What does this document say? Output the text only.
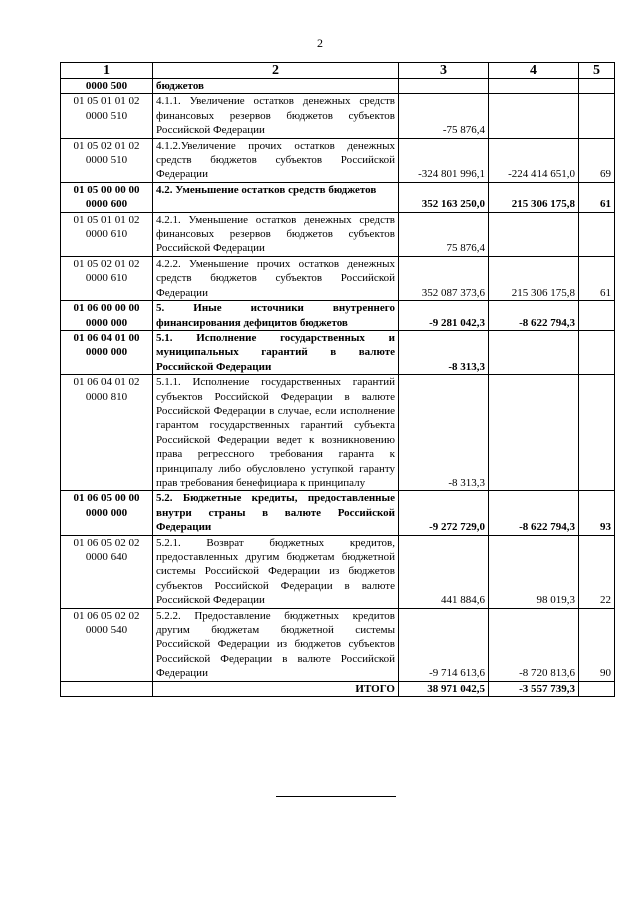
2
1	2	3	4	5
0000 500	бюджетов			
01 05 01 01 02 0000 510	4.1.1. Увеличение остатков денежных средств финансовых резервов бюджетов субъектов Российской Федерации	-75 876,4		
01 05 02 01 02 0000 510	4.1.2.Увеличение прочих остатков денежных средств бюджетов субъектов Российской Федерации	-324 801 996,1	-224 414 651,0	69
01 05 00 00 00 0000 600	4.2. Уменьшение остатков средств бюджетов	352 163 250,0	215 306 175,8	61
01 05 01 01 02 0000 610	4.2.1. Уменьшение остатков денежных средств финансовых резервов бюджетов субъектов Российской Федерации	75 876,4		
01 05 02 01 02 0000 610	4.2.2. Уменьшение прочих остатков денежных средств бюджетов субъектов Российской Федерации	352 087 373,6	215 306 175,8	61
01 06 00 00 00 0000 000	5. Иные источники внутреннего финансирования дефицитов бюджетов	-9 281 042,3	-8 622 794,3	
01 06 04 01 00 0000 000	5.1. Исполнение государственных и муниципальных гарантий в валюте Российской Федерации	-8 313,3		
01 06 04 01 02 0000 810	5.1.1. Исполнение государственных гарантий субъектов Российской Федерации в валюте Российской Федерации в случае, если исполнение гарантом государственных гарантий субъекта Российской Федерации ведет к возникновению права регрессного требования гаранта к принципалу либо обусловлено уступкой гаранту прав требования бенефициара к принципалу	-8 313,3		
01 06 05 00 00 0000 000	5.2. Бюджетные кредиты, предоставленные внутри страны в валюте Российской Федерации	-9 272 729,0	-8 622 794,3	93
01 06 05 02 02 0000 640	5.2.1. Возврат бюджетных кредитов, предоставленных другим бюджетам бюджетной системы Российской Федерации из бюджетов субъектов Российской Федерации в валюте Российской Федерации	441 884,6	98 019,3	22
01 06 05 02 02 0000 540	5.2.2. Предоставление бюджетных кредитов другим бюджетам бюджетной системы Российской Федерации из бюджетов субъектов Российской Федерации в валюте Российской Федерации	-9 714 613,6	-8 720 813,6	90
	ИТОГО	38 971 042,5	-3 557 739,3	
